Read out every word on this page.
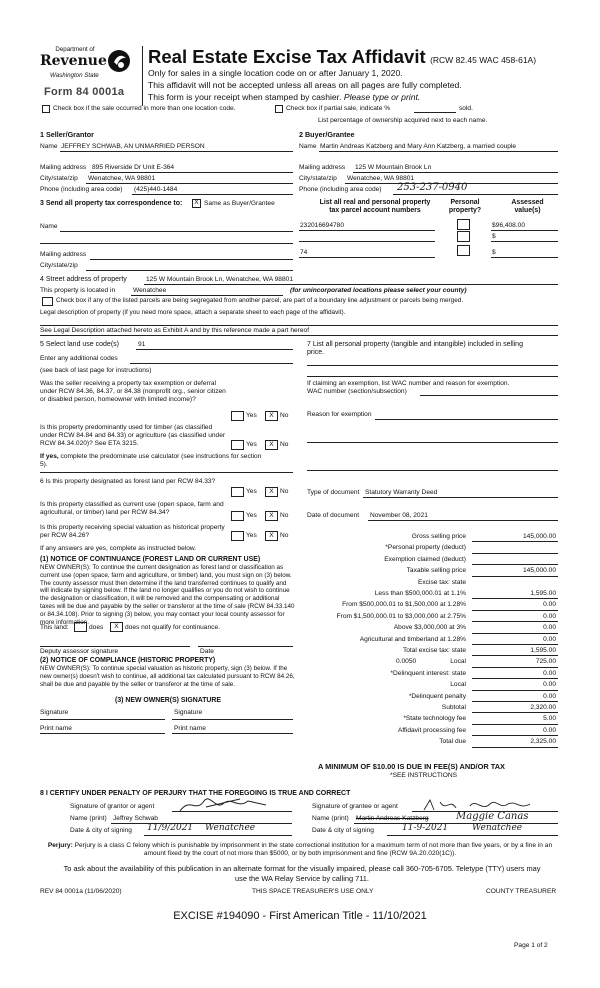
Department of
Revenue
Washington State
Form 84 0001a
Real Estate Excise Tax Affidavit (RCW 82.45 WAC 458-61A)
Only for sales in a single location code on or after January 1, 2020.
This affidavit will not be accepted unless all areas on all pages are fully completed.
This form is your receipt when stamped by cashier. Please type or print.
Check box if the sale occurred in more than one location code.	Check box if partial sale, indicate %	sold.
List percentage of ownership acquired next to each name.
1 Seller/Grantor
Name JEFFREY SCHWAB, AN UNMARRIED PERSON
Mailing address 895 Riverside Dr Unit E-364
City/state/zip Wenatchee, WA 98801
Phone (including area code) (425)440-1484
2 Buyer/Grantee
Name Martin Andreas Katzberg and Mary Ann Katzberg, a married couple
Mailing address 125 W Mountain Brook Ln
City/state/zip Wenatchee, WA 98801
Phone (including area code) 253-237-0940
3 Send all property tax correspondence to:	X Same as Buyer/Grantee
Name
Mailing address
City/state/zip
List all real and personal property
tax parcel account numbers
Personal
property?
Assessed
value(s)
232016694780	$96,408.00
$
74	$
4 Street address of property	125 W Mountain Brook Ln, Wenatchee, WA 98801
This property is located in	Wenatchee	(for unincorporated locations please select your county)
Check box if any of the listed parcels are being segregated from another parcel, are part of a boundary line adjustment or parcels being merged.
Legal description of property (if you need more space, attach a separate sheet to each page of the affidavit).
See Legal Description attached hereto as Exhibit A and by this reference made a part hereof
5 Select land use code(s)	91
Enter any additional codes
(see back of last page for instructions)
Was the seller receiving a property tax exemption or deferral under RCW 84.36, 84.37, or 84.38 (nonprofit org., senior citizen or disabled person, homeowner with limited income)?
Yes	X No
Is this property predominantly used for timber (as classified under RCW 84.84 and 84.33) or agriculture (as classified under RCW 84.34.020)? See ETA 3215.	Yes	X No
If yes, complete the predominate use calculator (see instructions for section 5).
7 List all personal property (tangible and intangible) included in selling price.
If claiming an exemption, list WAC number and reason for exemption.
WAC number (section/subsection)
Reason for exemption
6 Is this property designated as forest land per RCW 84.33?
Yes	X No
Is this property classified as current use (open space, farm and agricultural, or timber) land per RCW 84.34?	Yes	X No
Is this property receiving special valuation as historical property per RCW 84.26?	Yes	X No
If any answers are yes, complete as instructed below.
(1) NOTICE OF CONTINUANCE (FOREST LAND OR CURRENT USE)
NEW OWNER(S): To continue the current designation as forest land or classification as current use (open space, farm and agriculture, or timber) land, you must sign on (3) below. The county assessor must then determine if the land transferred continues to qualify and will indicate by signing below. If the land no longer qualifies or you do not wish to continue the designation or classification, it will be removed and the compensating or additional taxes will be due and payable by the seller or transferor at the time of sale (RCW 84.33.140 or 84.34.108). Prior to signing (3) below, you may contact your local county assessor for more information.
This land:	does	X does not qualify for continuance.
Deputy assessor signature	Date
(2) NOTICE OF COMPLIANCE (HISTORIC PROPERTY)
NEW OWNER(S): To continue special valuation as historic property, sign (3) below. If the new owner(s) doesn't wish to continue, all additional tax calculated pursuant to RCW 84.26, shall be due and payable by the seller or transferor at the time of sale.
(3) NEW OWNER(S) SIGNATURE
Signature	Signature
Print name	Print name
Type of document Statutory Warranty Deed
Date of document November 08, 2021
Gross selling price	145,000.00
*Personal property (deduct)
Exemption claimed (deduct)
Taxable selling price	145,000.00
Excise tax: state
Less than $500,000.01 at 1.1%	1,595.00
From $500,000.01 to $1,500,000 at 1.28%	0.00
From $1,500,000.01 to $3,000,000 at 2.75%	0.00
Above $3,000,000 at 3%	0.00
Agricultural and timberland at 1.28%	0.00
Total excise tax: state	1,595.00
Local
0.0050	725.00
*Delinquent interest: state	0.00
Local	0.00
*Delinquent penalty	0.00
Subtotal	2,320.00
*State technology fee	5.00
Affidavit processing fee	0.00
Total due	2,325.00
A MINIMUM OF $10.00 IS DUE IN FEE(S) AND/OR TAX
*SEE INSTRUCTIONS
8 I CERTIFY UNDER PENALTY OF PERJURY THAT THE FOREGOING IS TRUE AND CORRECT
Signature of grantor or agent
Name (print) Jeffrey Schwab
Date & city of signing 11/9/2021 Wenatchee
Signature of grantee or agent
Name (print) Martin Andreas Katzberg	Maggie Canas
Date & city of signing	11-9-2021	Wenatchee
Perjury: Perjury is a class C felony which is punishable by imprisonment in the state correctional institution for a maximum term of not more than five years, or by a fine in an amount fixed by the court of not more than $5000, or by both imprisonment and fine (RCW 9A.20.020(1C)).
To ask about the availability of this publication in an alternate format for the visually impaired, please call 360-705-6705. Teletype (TTY) users may use the WA Relay Service by calling 711.
REV 84 0001a (11/06/2020)	THIS SPACE TREASURER'S USE ONLY	COUNTY TREASURER
EXCISE #194090 - First American Title - 11/10/2021
Page 1 of 2
